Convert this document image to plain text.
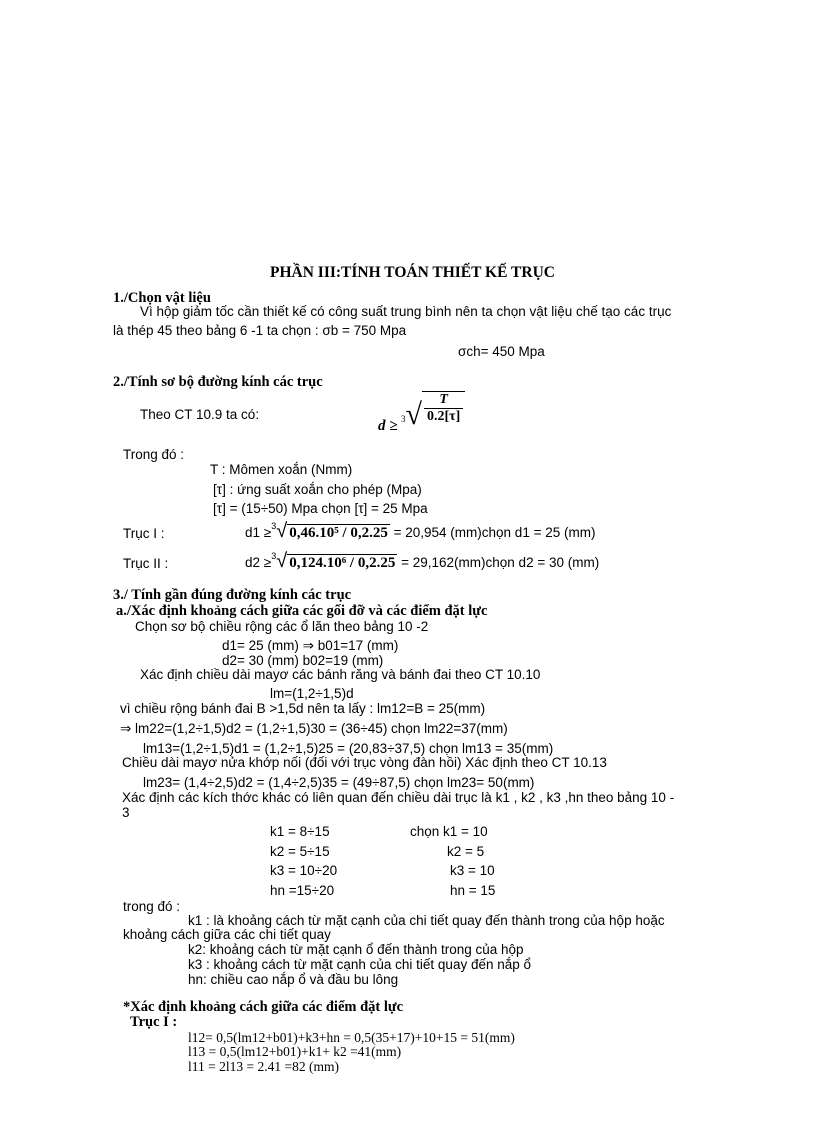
PHẦN III:TÍNH TOÁN THIẾT KẾ TRỤC
1./Chọn vật liệu
Vì hộp giảm tốc cần thiết kế có công suất trung bình nên ta chọn vật liệu chế tạo các trục
là thép 45 theo bảng 6 -1 ta chọn : σb = 750 Mpa
σch= 450 Mpa
2./Tính sơ bộ đường kính các trục
Theo CT 10.9 ta có:
$d \ge _3√ \frac{T}{0.2[\tau]}$
Trong đó :
T : Mômen xoắn (Nmm)
[τ] : ứng suất xoắn cho phép (Mpa)
[τ] = (15÷50) Mpa chọn [τ] = 25 Mpa
Trục I :	d1 ≥$^3$√ 0,46.10⁵ / 0,2.25 = 20,954 (mm)chọn d1 = 25 (mm)
Trục II :	d2 ≥$^3$√ 0,124.10⁶ / 0,2.25 = 29,162(mm)chọn d2 = 30 (mm)
3./ Tính gần đúng đường kính các trục
a./Xác định khoảng cách giữa các gối đỡ và các điểm đặt lực
Chọn sơ bộ chiều rộng các ổ lăn theo bảng 10 -2
d1= 25 (mm) ⇒ b01=17 (mm)
d2= 30 (mm) b02=19 (mm)
Xác định chiều dài mayơ các bánh răng và bánh đai theo CT 10.10
lm=(1,2÷1,5)d
vì chiều rộng bánh đai B >1,5d nên ta lấy : lm12=B = 25(mm)
⇒ lm22=(1,2÷1,5)d2 = (1,2÷1,5)30 = (36÷45) chọn lm22=37(mm)
lm13=(1,2÷1,5)d1 = (1,2÷1,5)25 = (20,83÷37,5) chọn lm13 = 35(mm)
Chiều dài mayơ nửa khớp nối (đối với trục vòng đàn hồi) Xác định theo CT 10.13
lm23= (1,4÷2,5)d2 = (1,4÷2,5)35 = (49÷87,5) chọn lm23= 50(mm)
Xác định các kích thớc khác có liên quan đến chiều dài trục là k1 , k2 , k3 ,hn theo bảng 10 -
3
k1 = 8÷15	chọn k1 = 10
k2 = 5÷15	k2 = 5
k3 = 10÷20	k3 = 10
hn =15÷20	hn = 15
trong đó :
k1 : là khoảng cách từ mặt cạnh của chi tiết quay đến thành trong của hộp hoặc
khoảng cách giữa các chi tiết quay
k2: khoảng cách từ mặt cạnh ổ đến thành trong của hộp
k3 : khoảng cách từ mặt cạnh của chi tiết quay đến nắp ổ
hn: chiều cao nắp ổ và đầu bu lông
*Xác định khoảng cách giữa các điểm đặt lực
Trục I :
l12= 0,5(lm12+b01)+k3+hn = 0,5(35+17)+10+15 = 51(mm)
l13 = 0,5(lm12+b01)+k1+ k2 =41(mm)
l11 = 2l13 = 2.41 =82 (mm)
